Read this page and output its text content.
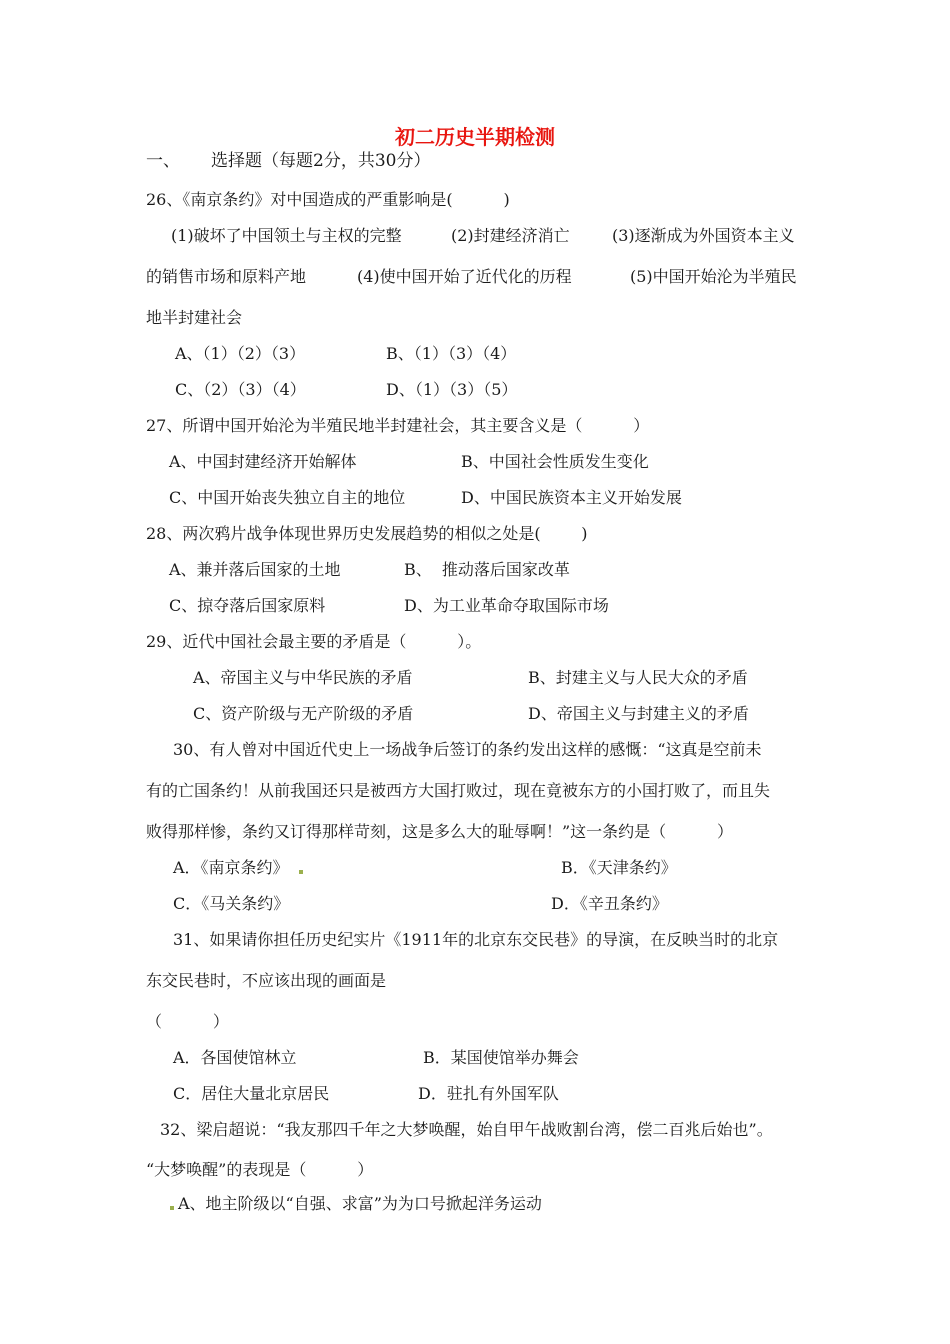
初二历史半期检测
一、 选择题（每题2分，共30分）
26、《南京条约》对中国造成的严重影响是(          )
(1)破坏了中国领土与主权的完整	(2)封建经济消亡	(3)逐渐成为外国资本主义
的销售市场和原料产地	(4)使中国开始了近代化的历程	(5)中国开始沦为半殖民
地半封建社会
A、（1）（2）（3）	B、（1）（3）（4）
C、（2）（3）（4）	D、（1）（3）（5）
27、所谓中国开始沦为半殖民地半封建社会，其主要含义是（          ）
A、中国封建经济开始解体	B、中国社会性质发生变化
C、中国开始丧失独立自主的地位	D、中国民族资本主义开始发展
28、两次鸦片战争体现世界历史发展趋势的相似之处是(        )
A、兼并落后国家的土地	B、  推动落后国家改革
C、掠夺落后国家原料	D、为工业革命夺取国际市场
29、近代中国社会最主要的矛盾是（          ）。
A、帝国主义与中华民族的矛盾	B、封建主义与人民大众的矛盾
C、资产阶级与无产阶级的矛盾	D、帝国主义与封建主义的矛盾
30、有人曾对中国近代史上一场战争后签订的条约发出这样的感慨：“这真是空前未
有的亡国条约！从前我国还只是被西方大国打败过，现在竟被东方的小国打败了，而且失
败得那样惨，条约又订得那样苛刻，这是多么大的耻辱啊！”这一条约是（          ）
A．《南京条约》	B．《天津条约》
C．《马关条约》	D．《辛丑条约》
31、如果请你担任历史纪实片《1911年的北京东交民巷》的导演，在反映当时的北京
东交民巷时，不应该出现的画面是
（          ）
A．各国使馆林立	B．某国使馆举办舞会
C．居住大量北京居民	D．驻扎有外国军队
32、梁启超说：“我友那四千年之大梦唤醒，始自甲午战败割台湾，偿二百兆后始也”。
“大梦唤醒”的表现是（          ）
A、地主阶级以“自强、求富”为为口号掀起洋务运动
